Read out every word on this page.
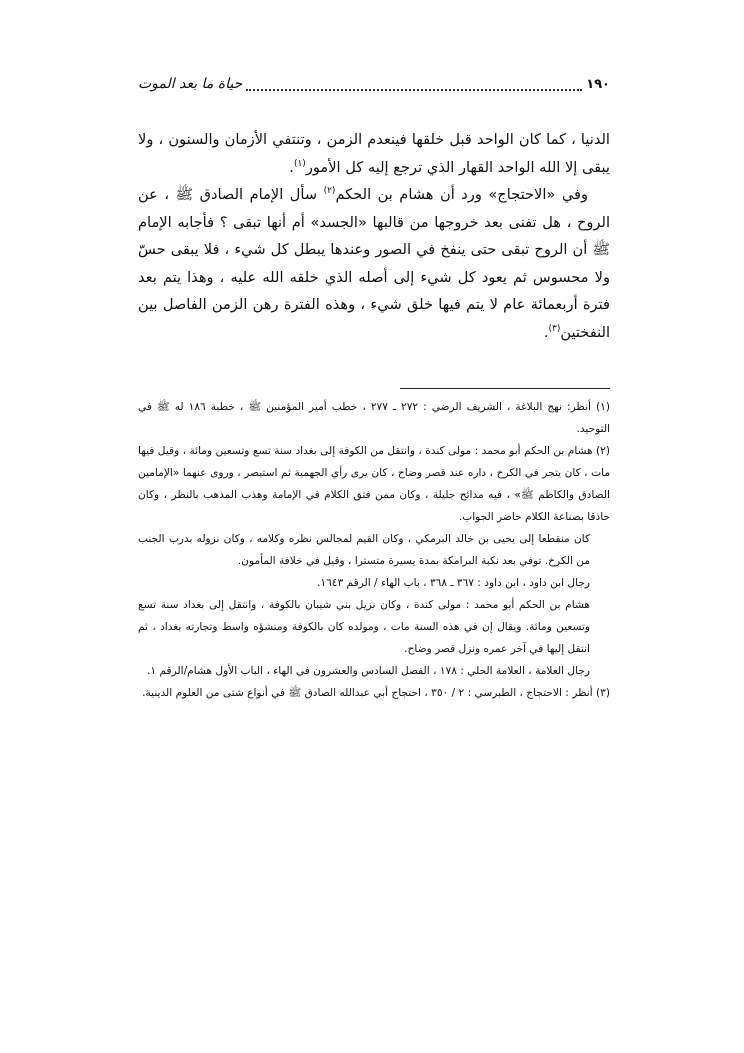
حياة ما بعد الموت	١٩٠

الدنيا ، كما كان الواحد قبل خلقها فينعدم الزمن ، وتنتفي الأزمان والسنون ، ولا يبقى إلا الله الواحد القهار الذي ترجع إليه كل الأمور$^{(١)}$.

وفي «الاحتجاج» ورد أن هشام بن الحكم$^{(٢)}$ سأل الإمام الصادق ﷺ ، عن الروح ، هل تفنى بعد خروجها من قالبها «الجسد» أم أنها تبقى ؟ فأجابه الإمام ﷺ أن الروح تبقى حتى ينفخ في الصور وعندها يبطل كل شيء ، فلا يبقى حسّ ولا محسوس ثم يعود كل شيء إلى أصله الذي خلقه الله عليه ، وهذا يتم بعد فترة أربعمائة عام لا يتم فيها خلق شيء ، وهذه الفترة رهن الزمن الفاصل بين النفختين$^{(٣)}$.

(١) أنظر: نهج البلاغة ، الشريف الرضي : ٢٧٢ ـ ٢٧٧ ، خطب أمير المؤمنين ﷺ ، خطبة ١٨٦ له ﷺ في التوحيد.

(٢) هشام بن الحكم أبو محمد : مولى كندة ، وانتقل من الكوفة إلى بغداد سنة تسع وتسعين ومائة ، وقيل فيها مات ، كان يتجر في الكرخ ، داره عند قصر وضاح ، كان يرى رأي الجهمية ثم استبصر ، وروى عنهما «الإمامين الصادق والكاظم ﷺ» ، فيه مدائح جليلة ، وكان ممن فتق الكلام في الإمامة وهذب المذهب بالنظر ، وكان حاذقا بصناعة الكلام حاضر الجواب.

كان منقطعا إلى يحيى بن خالد البرمكي ، وكان القيم لمجالس نظره وكلامه ، وكان نزوله بدرب الجنب من الكرخ. توفي بعد نكبة البرامكة بمدة يسيرة متسترا ، وقيل في خلافة المأمون.

رجال ابن داود ، ابن داود : ٣٦٧ ـ ٣٦٨ ، باب الهاء / الرقم ١٦٤٣.

هشام بن الحكم أبو محمد : مولى كندة ، وكان نزيل بني شيبان بالكوفة ، وانتقل إلى بغداد سنة تسع وتسعين ومائة. ويقال إن في هذه السنة مات ، ومولده كان بالكوفة ومنشؤه واسط وتجارته بغداد ، ثم انتقل إليها في آخر عمره ونزل قصر وضاح.

رجال العلامة ، العلامة الحلي : ١٧٨ ، الفصل السادس والعشرون في الهاء ، الباب الأول هشام/الرقم ١.

(٣) أنظر : الاحتجاج ، الطبرسي : ٢ / ٣٥٠ ، احتجاج أبي عبدالله الصادق ﷺ في أنواع شتى من العلوم الدينية.
